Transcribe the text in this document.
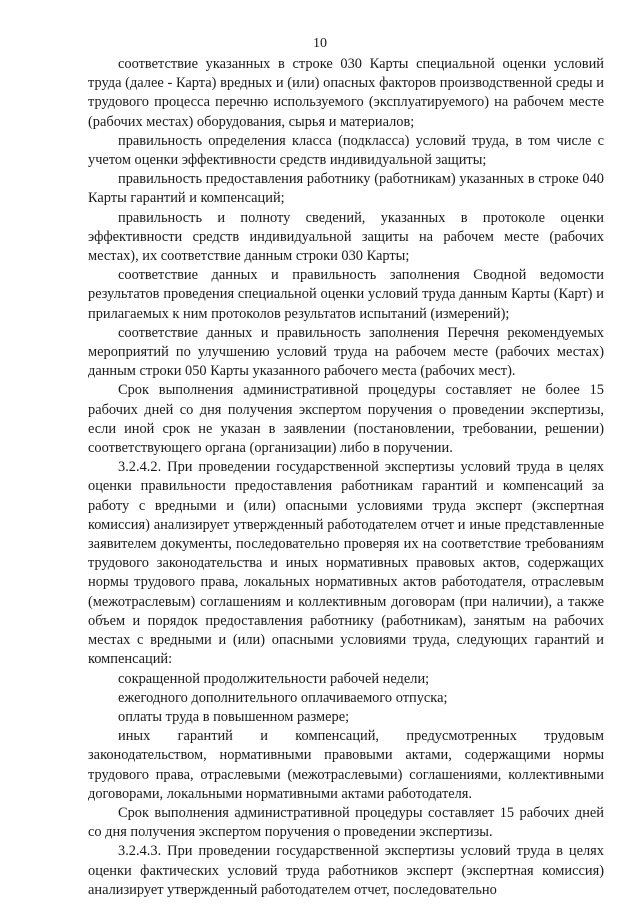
10

соответствие указанных в строке 030 Карты специальной оценки условий труда (далее - Карта) вредных и (или) опасных факторов производственной среды и трудового процесса перечню используемого (эксплуатируемого) на рабочем месте (рабочих местах) оборудования, сырья и материалов;

правильность определения класса (подкласса) условий труда, в том числе с учетом оценки эффективности средств индивидуальной защиты;

правильность предоставления работнику (работникам) указанных в строке 040 Карты гарантий и компенсаций;

правильность и полноту сведений, указанных в протоколе оценки эффективности средств индивидуальной защиты на рабочем месте (рабочих местах), их соответствие данным строки 030 Карты;

соответствие данных и правильность заполнения Сводной ведомости результатов проведения специальной оценки условий труда данным Карты (Карт) и прилагаемых к ним протоколов результатов испытаний (измерений);

соответствие данных и правильность заполнения Перечня рекомендуемых мероприятий по улучшению условий труда на рабочем месте (рабочих местах) данным строки 050 Карты указанного рабочего места (рабочих мест).

Срок выполнения административной процедуры составляет не более 15 рабочих дней со дня получения экспертом поручения о проведении экспертизы, если иной срок не указан в заявлении (постановлении, требовании, решении) соответствующего органа (организации) либо в поручении.

3.2.4.2. При проведении государственной экспертизы условий труда в целях оценки правильности предоставления работникам гарантий и компенсаций за работу с вредными и (или) опасными условиями труда эксперт (экспертная комиссия) анализирует утвержденный работодателем отчет и иные представленные заявителем документы, последовательно проверяя их на соответствие требованиям трудового законодательства и иных нормативных правовых актов, содержащих нормы трудового права, локальных нормативных актов работодателя, отраслевым (межотраслевым) соглашениям и коллективным договорам (при наличии), а также объем и порядок предоставления работнику (работникам), занятым на рабочих местах с вредными и (или) опасными условиями труда, следующих гарантий и компенсаций:

сокращенной продолжительности рабочей недели;

ежегодного дополнительного оплачиваемого отпуска;

оплаты труда в повышенном размере;

иных гарантий и компенсаций, предусмотренных трудовым законодательством, нормативными правовыми актами, содержащими нормы трудового права, отраслевыми (межотраслевыми) соглашениями, коллективными договорами, локальными нормативными актами работодателя.

Срок выполнения административной процедуры составляет 15 рабочих дней со дня получения экспертом поручения о проведении экспертизы.

3.2.4.3. При проведении государственной экспертизы условий труда в целях оценки фактических условий труда работников эксперт (экспертная комиссия) анализирует утвержденный работодателем отчет, последовательно
